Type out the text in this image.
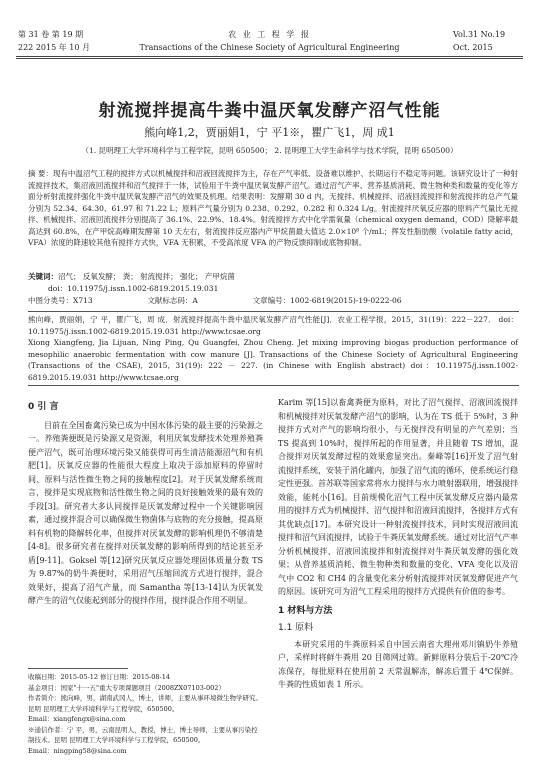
第 31 卷 第 19 期
222 2015 年 10 月
农 业 工 程 学 报
Transactions of the Chinese Society of Agricultural Engineering
Vol.31 No.19
Oct. 2015
射流搅拌提高牛粪中温厌氧发酵产沼气性能
熊向峰1,2，贾丽娟1，宁 平1※，瞿广飞1，周 成1
（1. 昆明理工大学环境科学与工程学院，昆明 650500； 2. 昆明理工大学生命科学与技术学院，昆明 650500）
摘 要：现有中温沼气工程的搅拌方式以机械搅拌和沼液回流搅拌为主，存在产气率低、设备难以维护、长期运行不稳定等问题。该研究设计了一种射流搅拌技术，集沼液回流搅拌和沼气搅拌于一体，试验用于牛粪中温厌氧发酵产沼气。通过沼气产率、营养基质消耗、微生物种类和数量的变化等方面分析射流搅拌强化牛粪中温厌氧发酵产沼气的效果及机理。结果表明：发酵期 30 d 内，无搅拌、机械搅拌、沼液回流搅拌和射流搅拌的总产气量分别为 52.34、64.30、61.97 和 71.22 L；原料产气量分别为 0.238、0.292、0.282 和 0.324 L/g。射流搅拌厌氧反应器的原料产气量比无搅拌、机械搅拌、沼液回流搅拌分别提高了 36.1%、22.9%、18.4%。射流搅拌方式中化学需氧量（chemical oxygen demand，COD）降解率最高达到 60.8%，在产甲烷高峰期发酵第 10 天左右，射流搅拌反应器内产甲烷菌最大值达 2.0×10⁸ 个/mL；挥发性脂肪酸（volatile fatty acid，VFA）浓度的降速较其他有搅拌方式快，VFA 无积累，不受高浓度 VFA 的产物反馈抑制或底物抑制。
关键词：沼气； 反氧发酵； 粪； 射流搅拌； 强化； 产甲烷菌
doi：10.11975/j.issn.1002-6819.2015.19.031
中图分类号：X713	文献标志码：A	文章编号：1002-6819(2015)-19-0222-06
熊向峰，贾丽娟，宁 平，瞿广飞，周 成．射流搅拌提高牛粪中温厌氧发酵产沼气性能[J]．农业工程学报，2015，31(19)：222－227． doi：10.11975/j.issn.1002-6819.2015.19.031 http://www.tcsae.org
Xiong Xiangfeng, Jia Lijuan, Ning Ping, Qu Guangfei, Zhou Cheng. Jet mixing improving biogas production performance of mesophilic anaerobic fermentation with cow manure [J]. Transactions of the Chinese Society of Agricultural Engineering (Transactions of the CSAE), 2015, 31(19): 222 － 227. (in Chinese with English abstract) doi：10.11975/j.issn.1002-6819.2015.19.031 http://www.tcsae.org
0 引 言
目前在全国畜禽污染已成为中国水体污染的最主要的污染源之一。养殖粪便既是污染源又是资源，利用厌氧发酵技术处理养殖粪便产沼气，既可治理环境污染又能获得可再生清洁能源沼气和有机肥[1]。厌氧反应器的性能很大程度上取决于添加原料的停留时间、原料与活性微生物之间的接触程度[2]。对于厌氧发酵系统而言，搅拌是实现底物和活性微生物之间的良好接触效果的最有效的手段[3]。研究者大多认同搅拌是厌氧发酵过程中一个关键影响因素，通过搅拌混合可以确保微生物菌体与底物的充分接触，提高原料有机物的降解转化率，但搅拌对厌氧发酵的影响机理仍不够清楚[4-8]。很多研究者在搅拌对厌氧发酵的影响所得到的结论甚至矛盾[9-11]。Goksel 等[12]研究厌氧反应器处理固体质量分数 TS 为 9.87%的奶牛粪便时，采用沼气压缩回流方式进行搅拌，混合效果好，提高了沼气产量，而 Samantha 等[13-14]认为厌氧发酵产生的沼气仅能起到部分的搅拌作用，搅拌混合作用不明显。
收稿日期：2015-05-12 修订日期：2015-08-14
基金项目：国家"十一五"重大专项课题项目（2008ZX07103-002）
作者简介：熊向峰，男，湖南武冈人，博士，讲师，主要从事环境微生物学研究。昆明 昆明理工大学环境科学与工程学院，650500。
Email：xiangfengx@sina.com
※通信作者：宁 平，男，云南昆明人，教授，博士，博士导师，主要从事污染控制技术。昆明 昆明理工大学环境科学与工程学院，650500。
Email：ningping58@sina.com
Karim 等[15]以畜禽粪便为原料，对比了沼气搅拌、沼液回流搅拌和机械搅拌对厌氧发酵产沼气的影响，认为在 TS 低于 5%时，3 种搅拌方式对产气的影响均很小，与无搅拌没有明显的产气差别；当 TS 提高到 10%时，搅拌所起的作用显著，并且随着 TS 增加，混合搅拌对厌氧发酵过程的效果愈显突出。秦峰等[16]开发了沼气射流搅拌系统，安装于消化罐内，加强了沼气流的循环，使系统运行稳定性更强。首苏联等国家常将水力搅拌与水力喷射器联用，增强搅拌效能，能耗小[16]。目前规模化沼气工程中厌氧发酵反应器内最常用的搅拌方式为机械搅拌、沼气搅拌和沼液回流搅拌，各搅拌方式有其优缺点[17]。本研究设计一种射流搅拌技术，同时实现沼液回流搅拌和沼气回流搅拌，试验于牛粪厌氧发酵系统。通过对比沼气产率分析机械搅拌、沼液回流搅拌和射流搅拌对牛粪厌氧发酵的强化效果；从营养基质消耗、微生物种类和数量的变化、VFA 变化以及沼气中 CO2 和 CH4 的含量变化来分析射流搅拌对厌氧发酵促进产气的原因。该研究可为沼气工程采用的搅拌方式提供有价值的参考。
1 材料与方法
1.1 原料
本研究采用的牛粪原料采自中国云南省大理州邓川镇奶牛养殖户，采样时将鲜牛粪用 20 目筛网过筛。新鲜原料分装后于-20℃冷冻保存，每批原料在使用前 2 天常温解冻，解冻后置于 4℃保鲜。牛粪的性质如表 1 所示。
